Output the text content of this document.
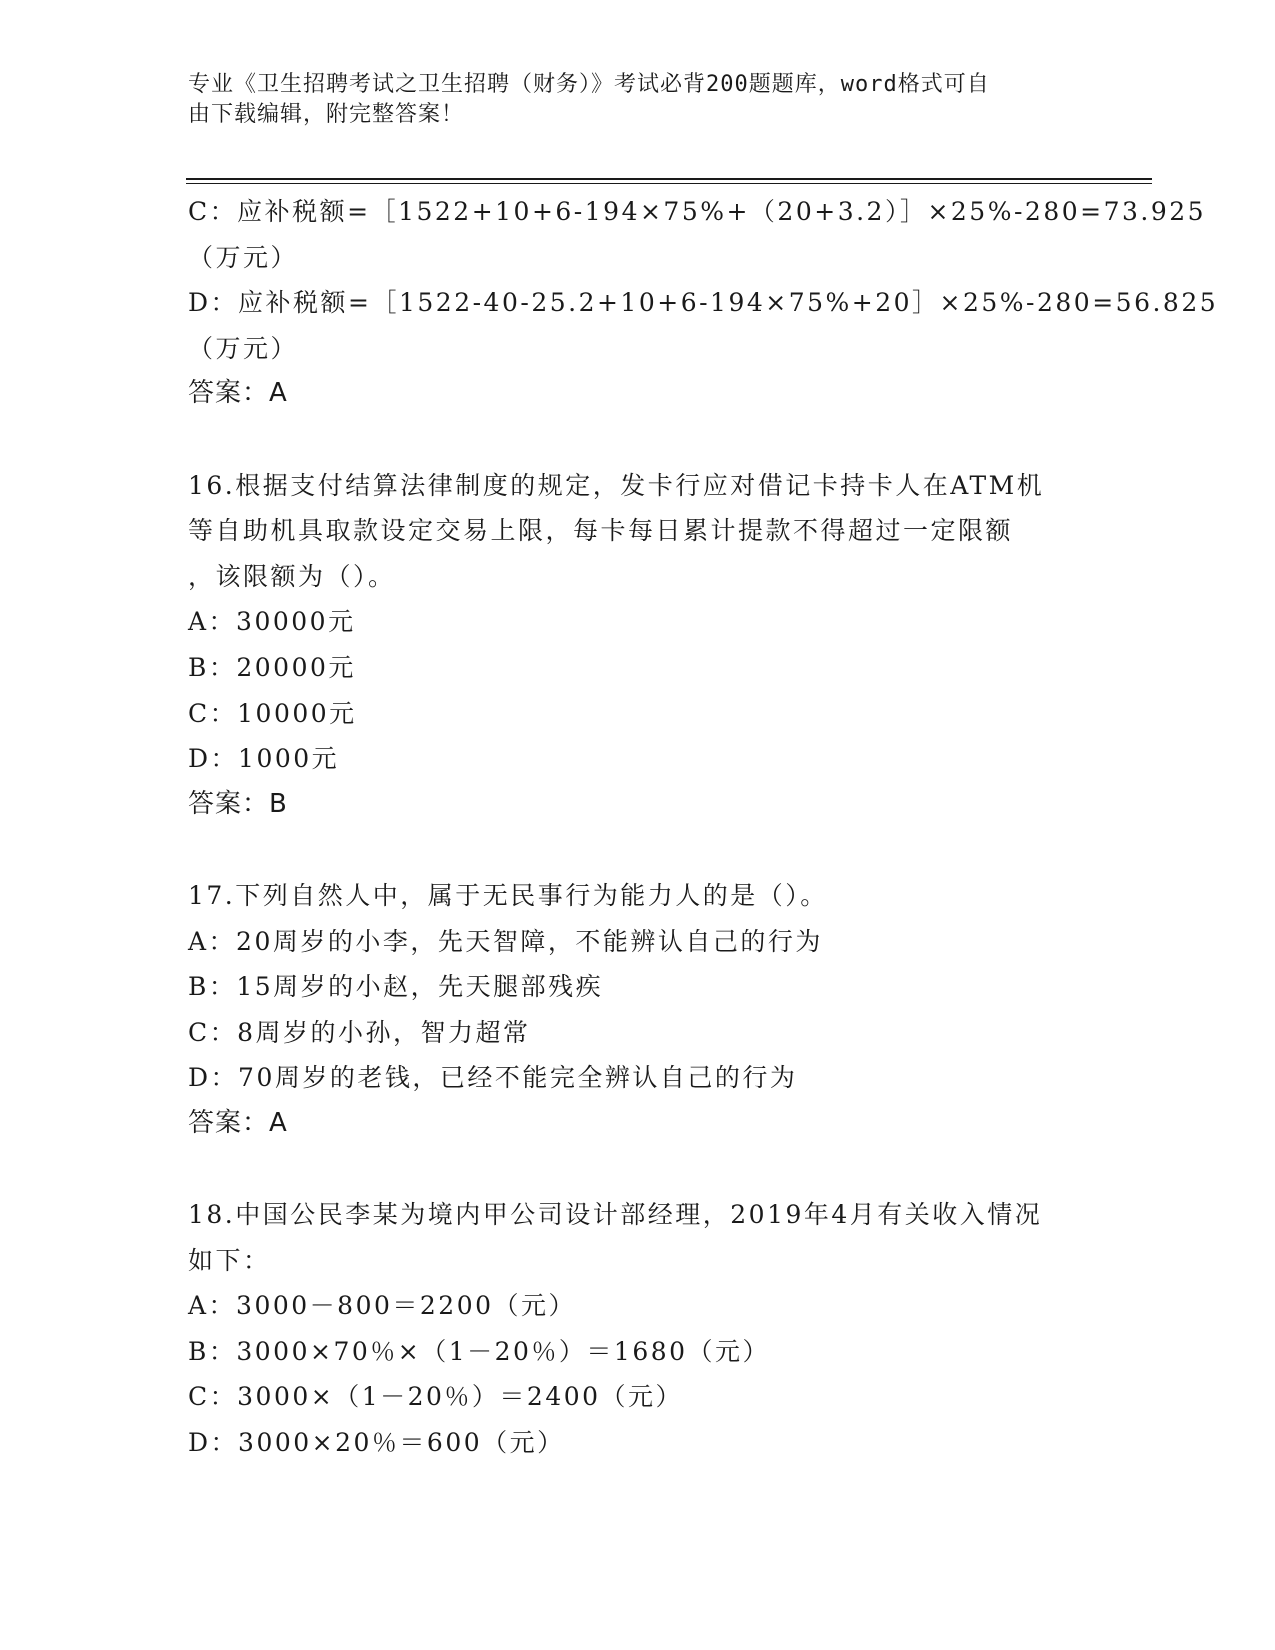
专业《卫生招聘考试之卫生招聘（财务）》考试必背200题题库，word格式可自
由下载编辑，附完整答案！
C：应补税额=［1522+10+6-194×75%+（20+3.2）］×25%-280=73.925
（万元）
D：应补税额=［1522-40-25.2+10+6-194×75%+20］×25%-280=56.825
（万元）
答案：A
16.根据支付结算法律制度的规定，发卡行应对借记卡持卡人在ATM机
等自助机具取款设定交易上限，每卡每日累计提款不得超过一定限额
，该限额为（）。
A：30000元
B：20000元
C：10000元
D：1000元
答案：B
17.下列自然人中，属于无民事行为能力人的是（）。
A：20周岁的小李，先天智障，不能辨认自己的行为
B：15周岁的小赵，先天腿部残疾
C：8周岁的小孙，智力超常
D：70周岁的老钱，已经不能完全辨认自己的行为
答案：A
18.中国公民李某为境内甲公司设计部经理，2019年4月有关收入情况
如下：
A：3000－800＝2200（元）
B：3000×70％×（1－20％）＝1680（元）
C：3000×（1－20％）＝2400（元）
D：3000×20％＝600（元）
